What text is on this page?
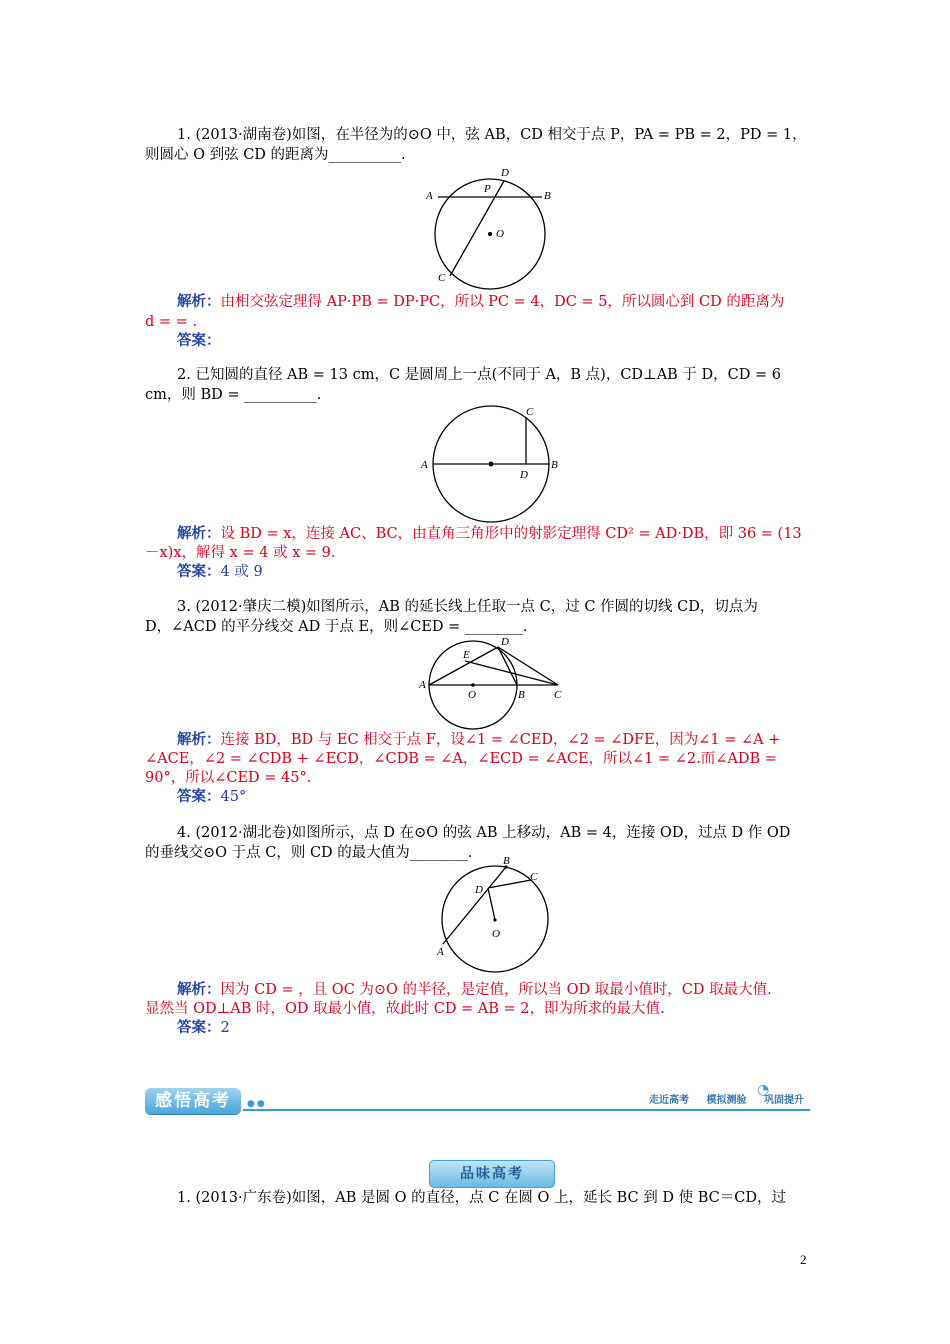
1. (2013·湖南卷)如图，在半径为的⊙O 中，弦 AB，CD 相交于点 P，PA = PB = 2，PD = 1，

则圆心 O 到弦 CD 的距离为__________.

D
P
A	B
O
C

解析：由相交弦定理得 AP·PB = DP·PC，所以 PC = 4，DC = 5，所以圆心到 CD 的距离为

d = = .

答案：

2. 已知圆的直径 AB = 13 cm，C 是圆周上一点(不同于 A，B 点)，CD⊥AB 于 D，CD = 6

cm，则 BD = __________.

C
A
D
B

解析：设 BD = x，连接 AC、BC，由直角三角形中的射影定理得 CD² = AD·DB，即 36 = (13

－x)x，解得 x = 4 或 x = 9.

答案：4 或 9

3. (2012·肇庆二模)如图所示，AB 的延长线上任取一点 C，过 C 作圆的切线 CD，切点为

D，∠ACD 的平分线交 AD 于点 E，则∠CED = ________.

D
E
A
O	B	C

解析：连接 BD，BD 与 EC 相交于点 F，设∠1 = ∠CED，∠2 = ∠DFE，因为∠1 = ∠A +

∠ACE，∠2 = ∠CDB + ∠ECD，∠CDB = ∠A，∠ECD = ∠ACE，所以∠1 = ∠2.而∠ADB =

90°，所以∠CED = 45°.

答案：45°

4. (2012·湖北卷)如图所示，点 D 在⊙O 的弦 AB 上移动，AB = 4，连接 OD，过点 D 作 OD

的垂线交⊙O 于点 C，则 CD 的最大值为________.	B
D
C
O
A

解析：因为 CD = ，且 OC 为⊙O 的半径，是定值，所以当 OD 取最小值时，CD 取最大值.

显然当 OD⊥AB 时，OD 取最小值，故此时 CD = AB = 2，即为所求的最大值.

答案：2

感悟高考	●●
◔
走近高考 模拟测验 巩固提升
品味高考

1. (2013·广东卷)如图，AB 是圆 O 的直径，点 C 在圆 O 上，延长 BC 到 D 使 BC＝CD，过

2
